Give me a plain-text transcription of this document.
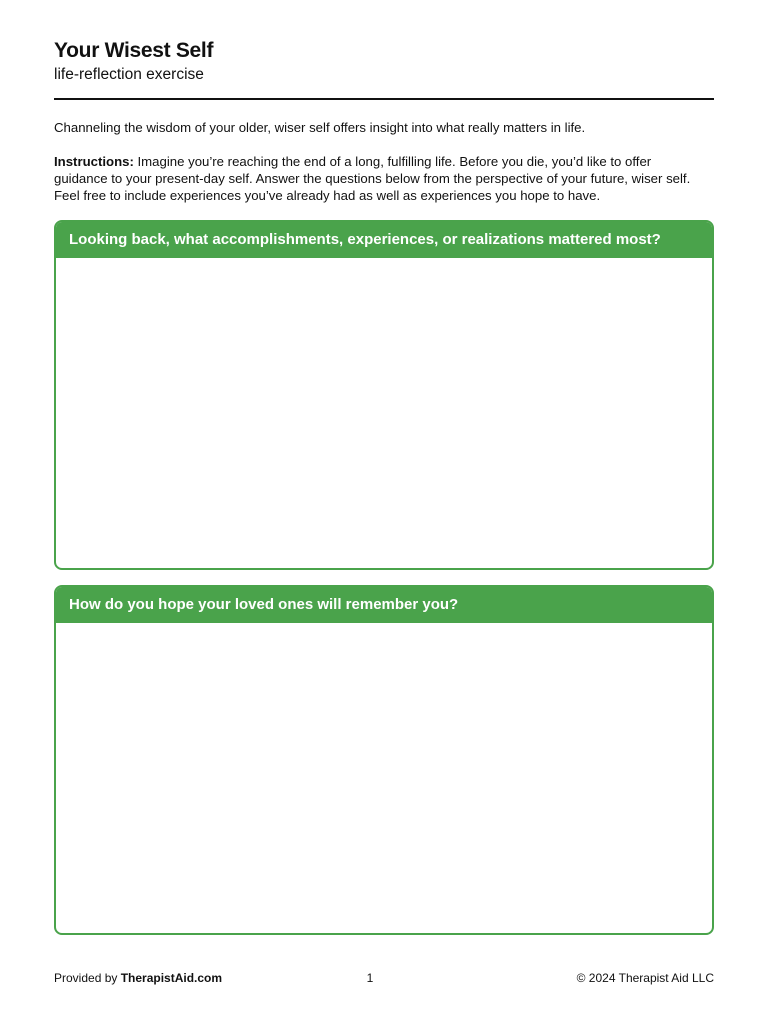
Your Wisest Self
life-reflection exercise
Channeling the wisdom of your older, wiser self offers insight into what really matters in life.
Instructions: Imagine you’re reaching the end of a long, fulfilling life. Before you die, you’d like to offer guidance to your present-day self. Answer the questions below from the perspective of your future, wiser self. Feel free to include experiences you’ve already had as well as experiences you hope to have.
Looking back, what accomplishments, experiences, or realizations mattered most?
How do you hope your loved ones will remember you?
Provided by TherapistAid.com	1	© 2024 Therapist Aid LLC
